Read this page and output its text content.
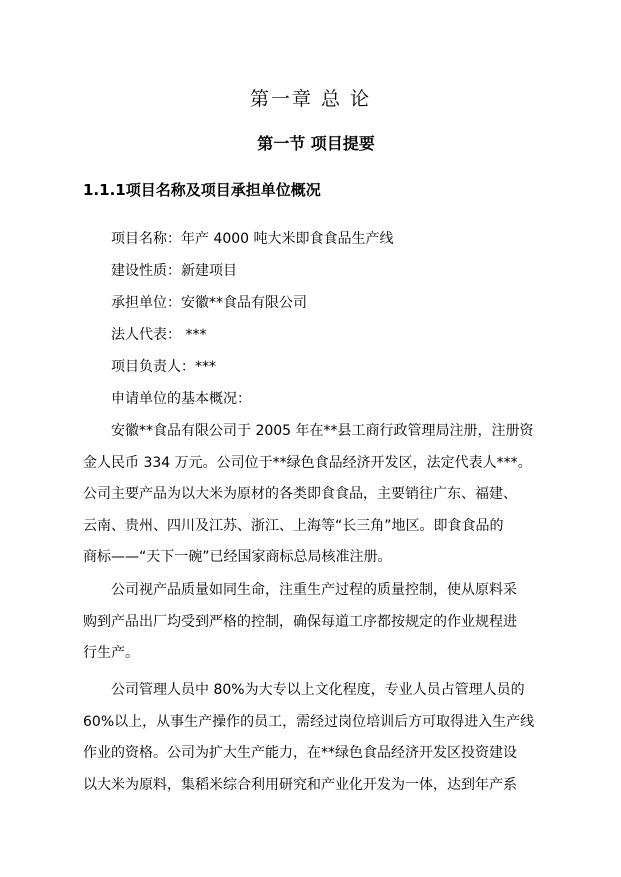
第一章 总 论
第一节 项目提要
1.1.1项目名称及项目承担单位概况
项目名称：年产 4000 吨大米即食食品生产线
建设性质：新建项目
承担单位：安徽**食品有限公司
法人代表： ***
项目负责人：***
申请单位的基本概况：
安徽**食品有限公司于 2005 年在**县工商行政管理局注册，注册资
金人民币 334 万元。公司位于**绿色食品经济开发区，法定代表人***。
公司主要产品为以大米为原材的各类即食食品，主要销往广东、福建、
云南、贵州、四川及江苏、浙江、上海等“长三角”地区。即食食品的
商标——“天下一碗”已经国家商标总局核准注册。
公司视产品质量如同生命，注重生产过程的质量控制，使从原料采
购到产品出厂均受到严格的控制，确保每道工序都按规定的作业规程进
行生产。
公司管理人员中 80%为大专以上文化程度，专业人员占管理人员的
60%以上，从事生产操作的员工，需经过岗位培训后方可取得进入生产线
作业的资格。公司为扩大生产能力，在**绿色食品经济开发区投资建设
以大米为原料，集稻米综合利用研究和产业化开发为一体，达到年产系
